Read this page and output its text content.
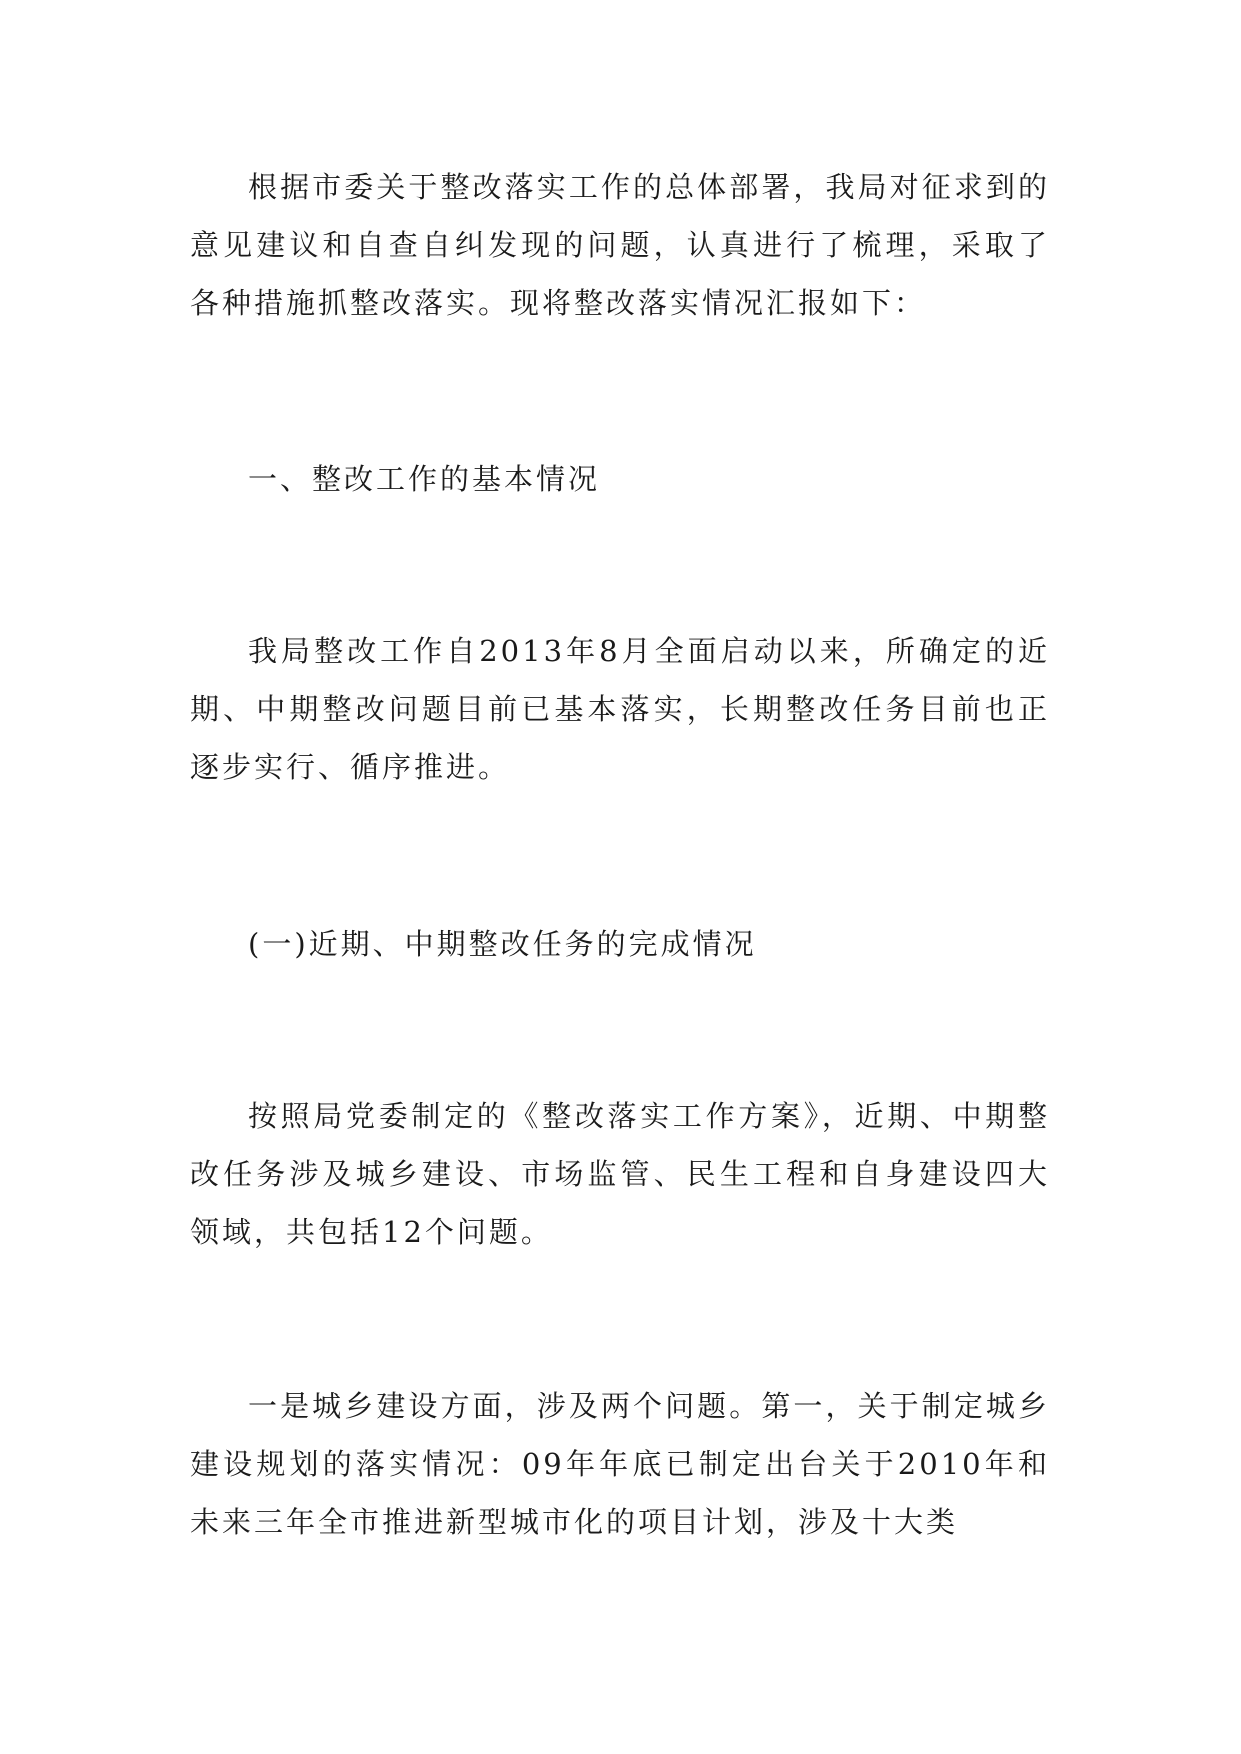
根据市委关于整改落实工作的总体部署，我局对征求到的意见建议和自查自纠发现的问题，认真进行了梳理，采取了各种措施抓整改落实。现将整改落实情况汇报如下：

一、整改工作的基本情况

我局整改工作自2013年8月全面启动以来，所确定的近期、中期整改问题目前已基本落实，长期整改任务目前也正逐步实行、循序推进。

(一)近期、中期整改任务的完成情况

按照局党委制定的《整改落实工作方案》，近期、中期整改任务涉及城乡建设、市场监管、民生工程和自身建设四大领域，共包括12个问题。

一是城乡建设方面，涉及两个问题。第一，关于制定城乡建设规划的落实情况：09年年底已制定出台关于2010年和未来三年全市推进新型城市化的项目计划，涉及十大类
